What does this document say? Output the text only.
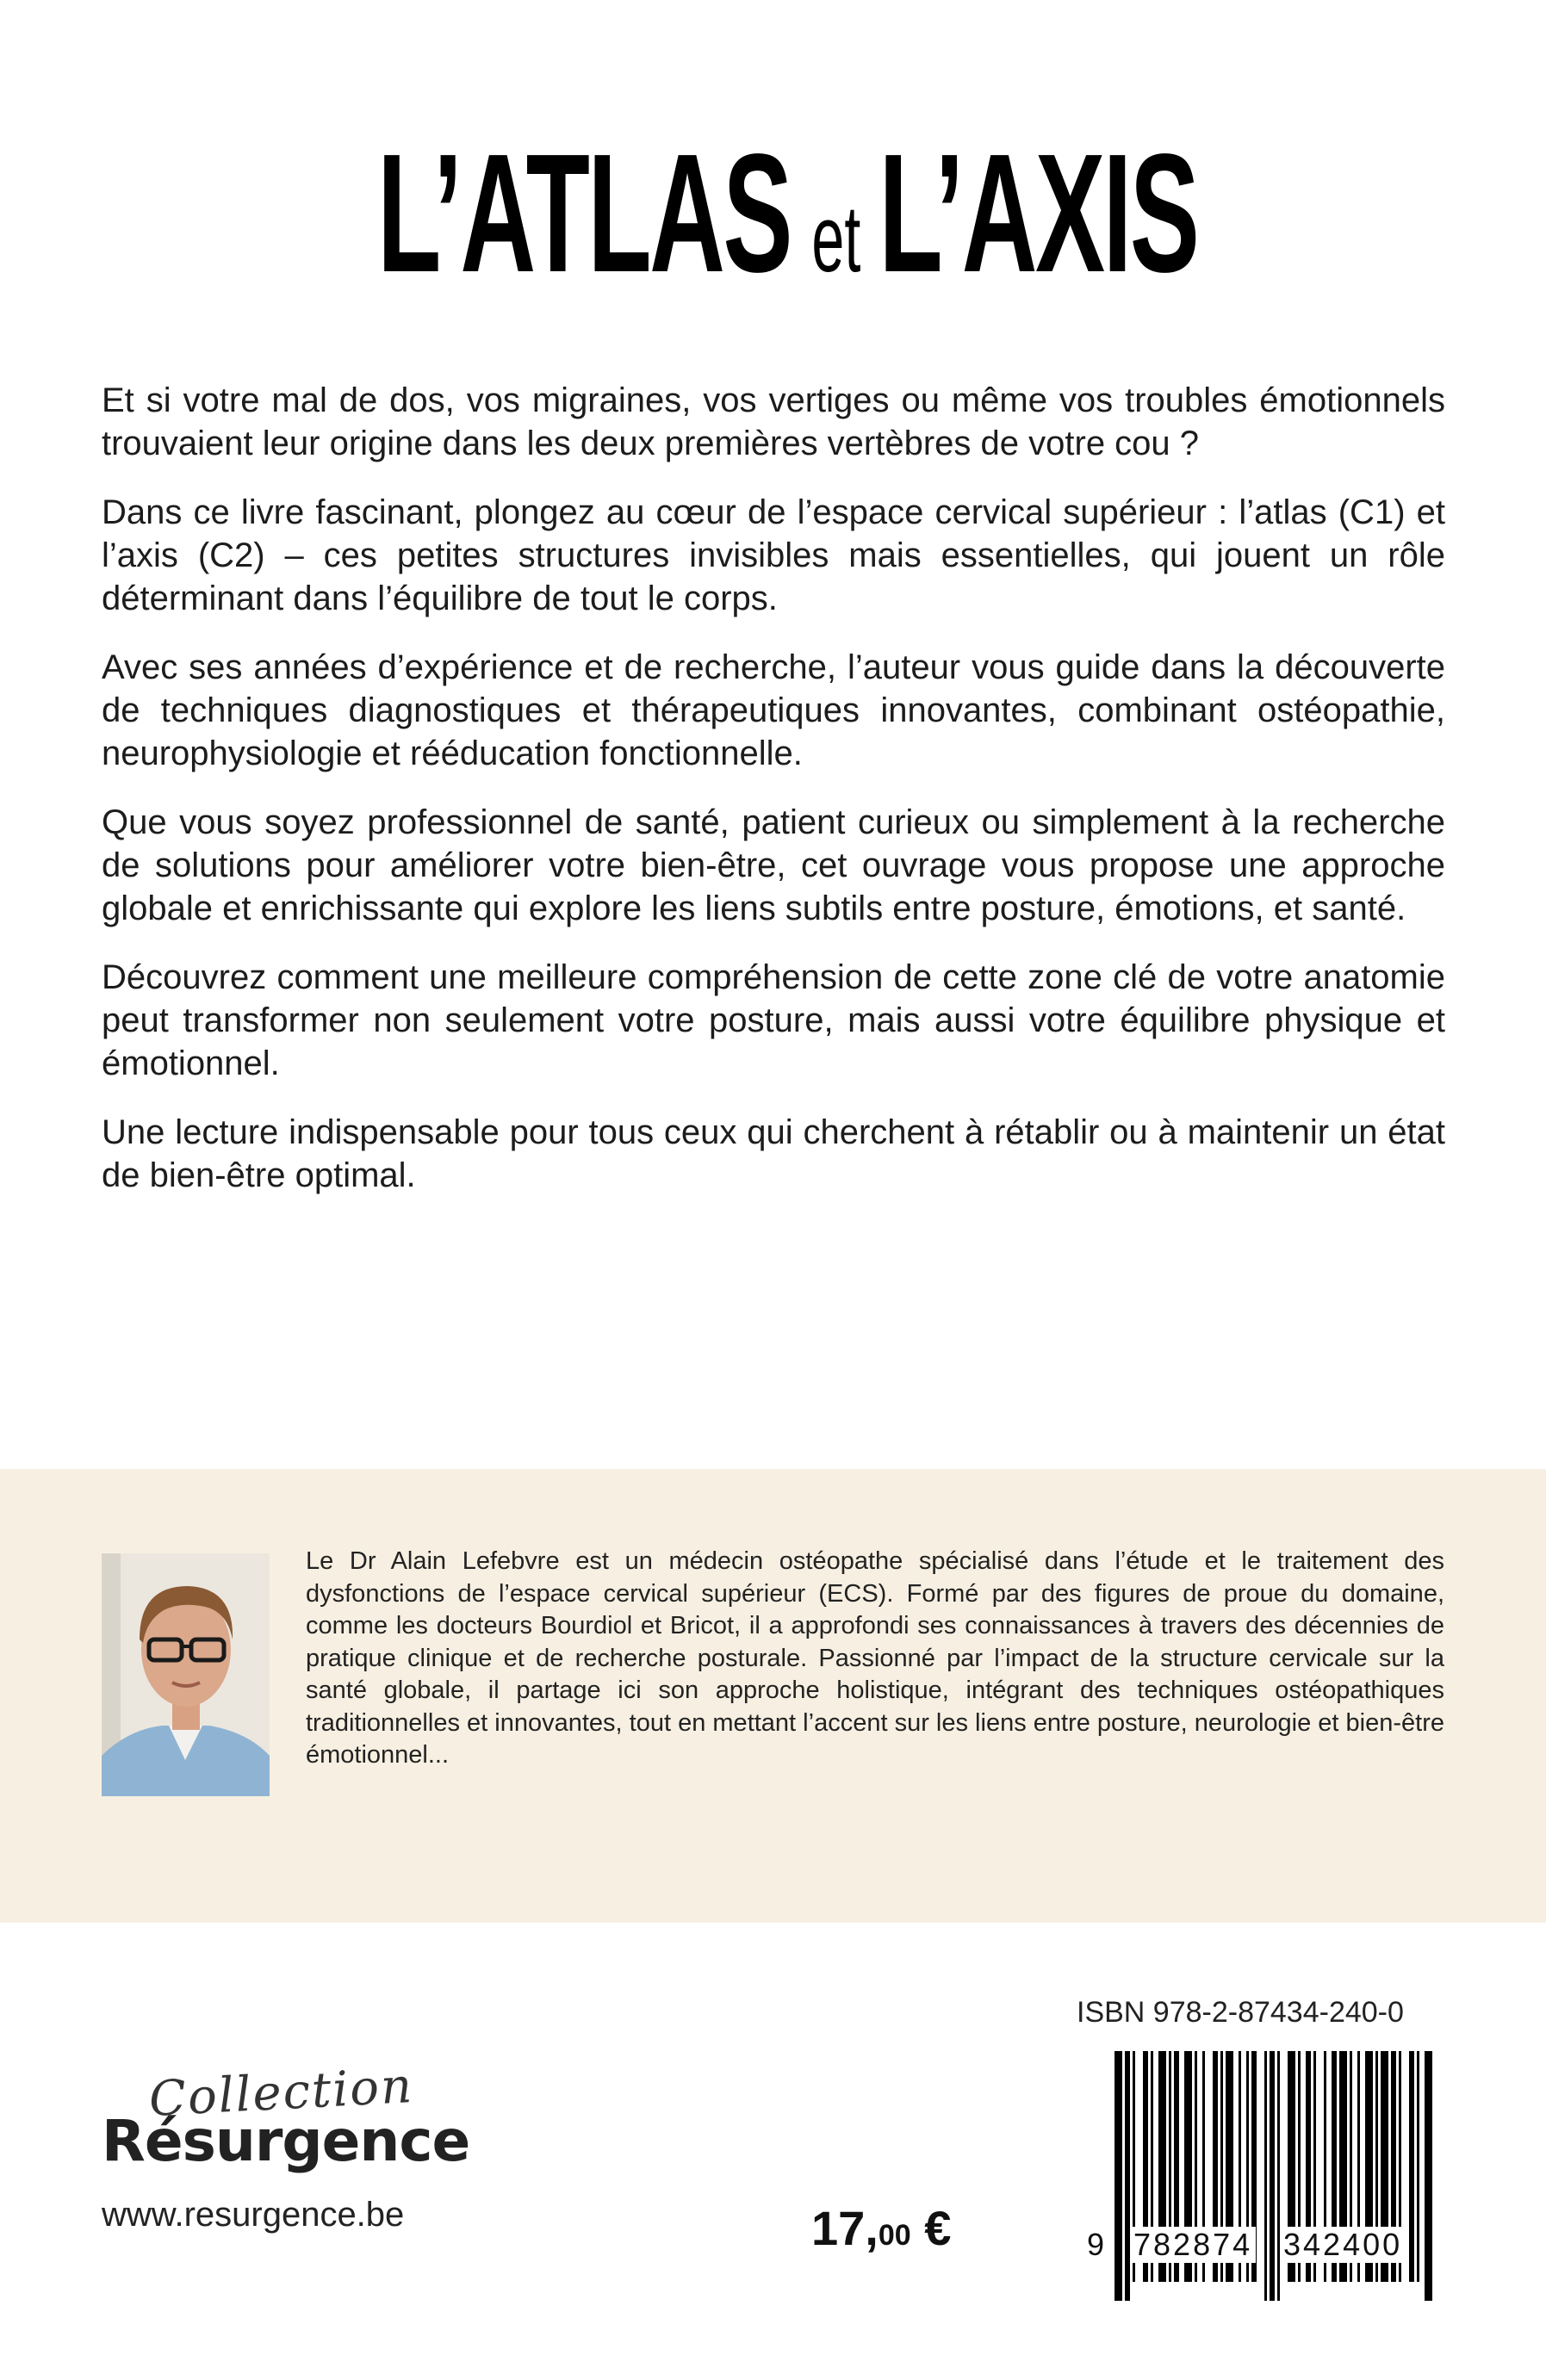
L’ATLAS et L’AXIS

Et si votre mal de dos, vos migraines, vos vertiges ou même vos troubles émotionnels trouvaient leur origine dans les deux premières vertèbres de votre cou ?

Dans ce livre fascinant, plongez au cœur de l’espace cervical supérieur : l’atlas (C1) et l’axis (C2) – ces petites structures invisibles mais essentielles, qui jouent un rôle déterminant dans l’équilibre de tout le corps.

Avec ses années d’expérience et de recherche, l’auteur vous guide dans la découverte de techniques diagnostiques et thérapeutiques innovantes, combinant ostéopathie, neurophysiologie et rééducation fonctionnelle.

Que vous soyez professionnel de santé, patient curieux ou simplement à la recherche de solutions pour améliorer votre bien-être, cet ouvrage vous propose une approche globale et enrichissante qui explore les liens subtils entre posture, émotions, et santé.

Découvrez comment une meilleure compréhension de cette zone clé de votre anatomie peut transformer non seulement votre posture, mais aussi votre équilibre physique et émotionnel.

Une lecture indispensable pour tous ceux qui cherchent à rétablir ou à maintenir un état de bien-être optimal.

Le Dr Alain Lefebvre est un médecin ostéopathe spécialisé dans l’étude et le traitement des dysfonctions de l’espace cervical supérieur (ECS). Formé par des figures de proue du domaine, comme les docteurs Bourdiol et Bricot, il a approfondi ses connaissances à travers des décennies de pratique clinique et de recherche posturale. Passionné par l’impact de la structure cervicale sur la santé globale, il partage ici son approche holistique, intégrant des techniques ostéopathiques traditionnelles et innovantes, tout en mettant l’accent sur les liens entre posture, neurologie et bien-être émotionnel...
Collection
Résurgence
www.resurgence.be	17,00 €
ISBN 978-2-87434-240-0
9 782874 342400
